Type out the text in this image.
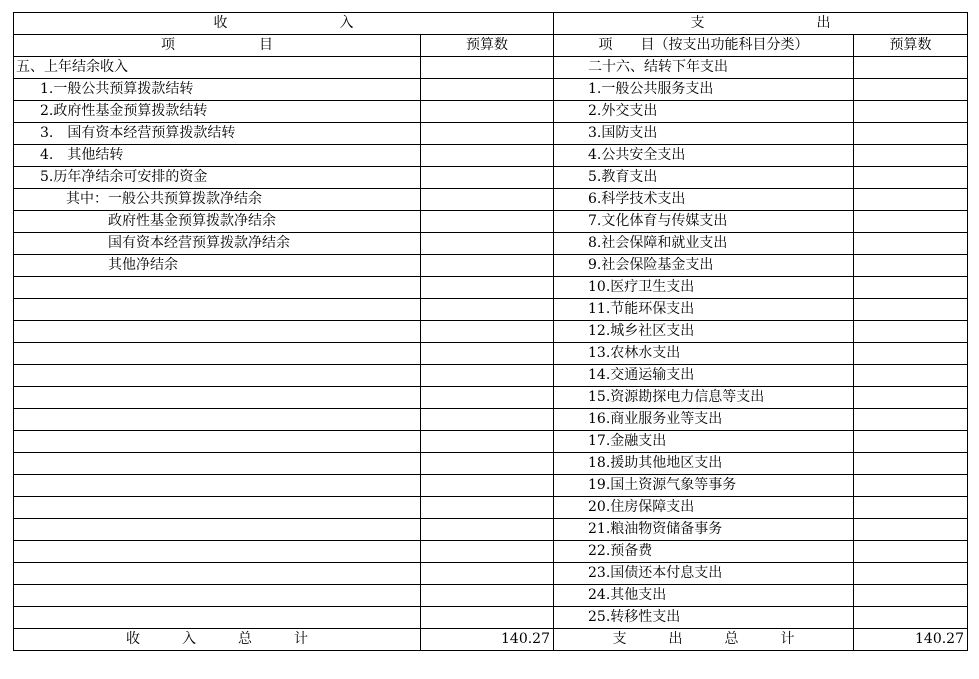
收　　　　　　　　入		支　　　　　　　　出	
项　　　　　　目	预算数	项　　目（按支出功能科目分类）	预算数
五、上年结余收入		二十六、结转下年支出	
1.一般公共预算拨款结转		1.一般公共服务支出	
2.政府性基金预算拨款结转		2.外交支出	
3.　国有资本经营预算拨款结转		3.国防支出	
4.　其他结转		4.公共安全支出	
5.历年净结余可安排的资金		5.教育支出	
其中：一般公共预算拨款净结余		6.科学技术支出	
政府性基金预算拨款净结余		7.文化体育与传媒支出	
国有资本经营预算拨款净结余		8.社会保障和就业支出	
其他净结余		9.社会保险基金支出	
		10.医疗卫生支出	
		11.节能环保支出	
		12.城乡社区支出	
		13.农林水支出	
		14.交通运输支出	
		15.资源勘探电力信息等支出	
		16.商业服务业等支出	
		17.金融支出	
		18.援助其他地区支出	
		19.国土资源气象等事务	
		20.住房保障支出	
		21.粮油物资储备事务	
		22.预备费	
		23.国债还本付息支出	
		24.其他支出	
		25.转移性支出	
收　　　入　　　总　　　计	140.27	支　　　出　　　总　　　计	140.27
